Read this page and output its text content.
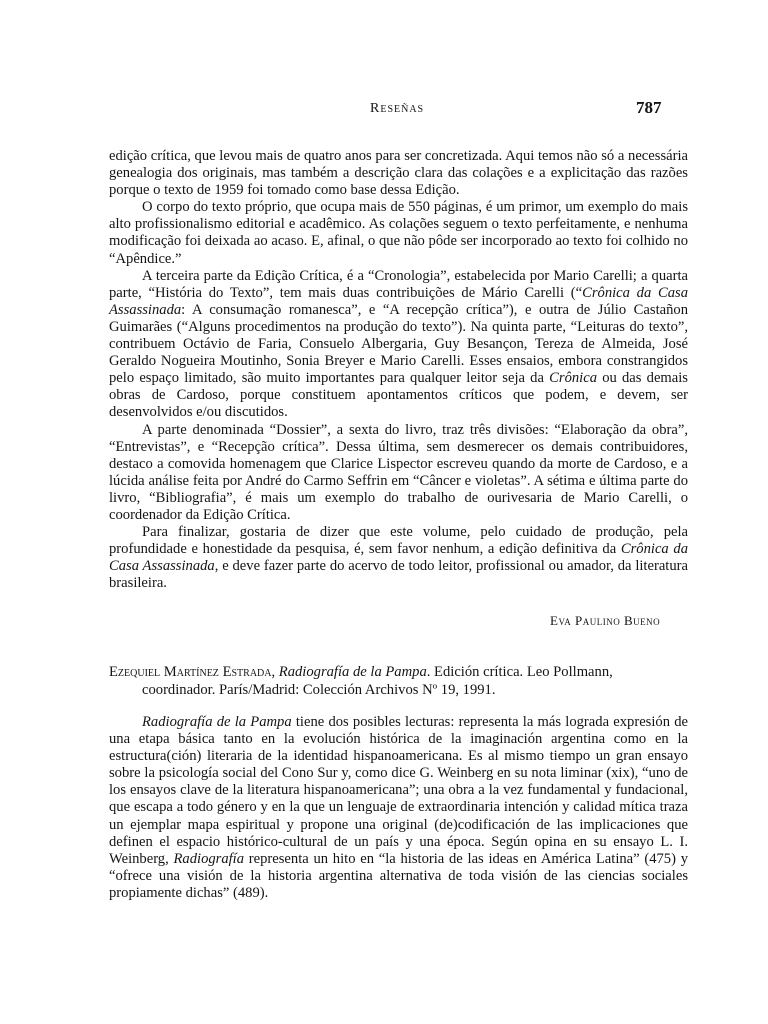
Reseñas	787

edição crítica, que levou mais de quatro anos para ser concretizada. Aqui temos não só a necessária genealogia dos originais, mas também a descrição clara das colações e a explicitação das razões porque o texto de 1959 foi tomado como base dessa Edição.

O corpo do texto próprio, que ocupa mais de 550 páginas, é um primor, um exemplo do mais alto profissionalismo editorial e acadêmico. As colações seguem o texto perfeitamente, e nenhuma modificação foi deixada ao acaso. E, afinal, o que não pôde ser incorporado ao texto foi colhido no “Apêndice.”

A terceira parte da Edição Crítica, é a “Cronologia”, estabelecida por Mario Carelli; a quarta parte, “História do Texto”, tem mais duas contribuições de Mário Carelli (“Crônica da Casa Assassinada: A consumação romanesca”, e “A recepção crítica”), e outra de Júlio Castañon Guimarães (“Alguns procedimentos na produção do texto”). Na quinta parte, “Leituras do texto”, contribuem Octávio de Faria, Consuelo Albergaria, Guy Besançon, Tereza de Almeida, José Geraldo Nogueira Moutinho, Sonia Breyer e Mario Carelli. Esses ensaios, embora constrangidos pelo espaço limitado, são muito importantes para qualquer leitor seja da Crônica ou das demais obras de Cardoso, porque constituem apontamentos críticos que podem, e devem, ser desenvolvidos e/ou discutidos.

A parte denominada “Dossier”, a sexta do livro, traz três divisões: “Elaboração da obra”, “Entrevistas”, e “Recepção crítica”. Dessa última, sem desmerecer os demais contribuidores, destaco a comovida homenagem que Clarice Lispector escreveu quando da morte de Cardoso, e a lúcida análise feita por André do Carmo Seffrin em “Câncer e violetas”. A sétima e última parte do livro, “Bibliografia”, é mais um exemplo do trabalho de ourivesaria de Mario Carelli, o coordenador da Edição Crítica.

Para finalizar, gostaria de dizer que este volume, pelo cuidado de produção, pela profundidade e honestidade da pesquisa, é, sem favor nenhum, a edição definitiva da Crônica da Casa Assassinada, e deve fazer parte do acervo de todo leitor, profissional ou amador, da literatura brasileira.

Eva Paulino Bueno
Ezequiel Martínez Estrada, Radiografía de la Pampa. Edición crítica. Leo Pollmann,
coordinador. París/Madrid: Colección Archivos Nº 19, 1991.

Radiografía de la Pampa tiene dos posibles lecturas: representa la más lograda expresión de una etapa básica tanto en la evolución histórica de la imaginación argentina como en la estructura(ción) literaria de la identidad hispanoamericana. Es al mismo tiempo un gran ensayo sobre la psicología social del Cono Sur y, como dice G. Weinberg en su nota liminar (xix), “uno de los ensayos clave de la literatura hispanoamericana”; una obra a la vez fundamental y fundacional, que escapa a todo género y en la que un lenguaje de extraordinaria intención y calidad mítica traza un ejemplar mapa espiritual y propone una original (de)codificación de las implicaciones que definen el espacio histórico-cultural de un país y una época. Según opina en su ensayo L. I. Weinberg, Radiografía representa un hito en “la historia de las ideas en América Latina” (475) y “ofrece una visión de la historia argentina alternativa de toda visión de las ciencias sociales propiamente dichas” (489).
